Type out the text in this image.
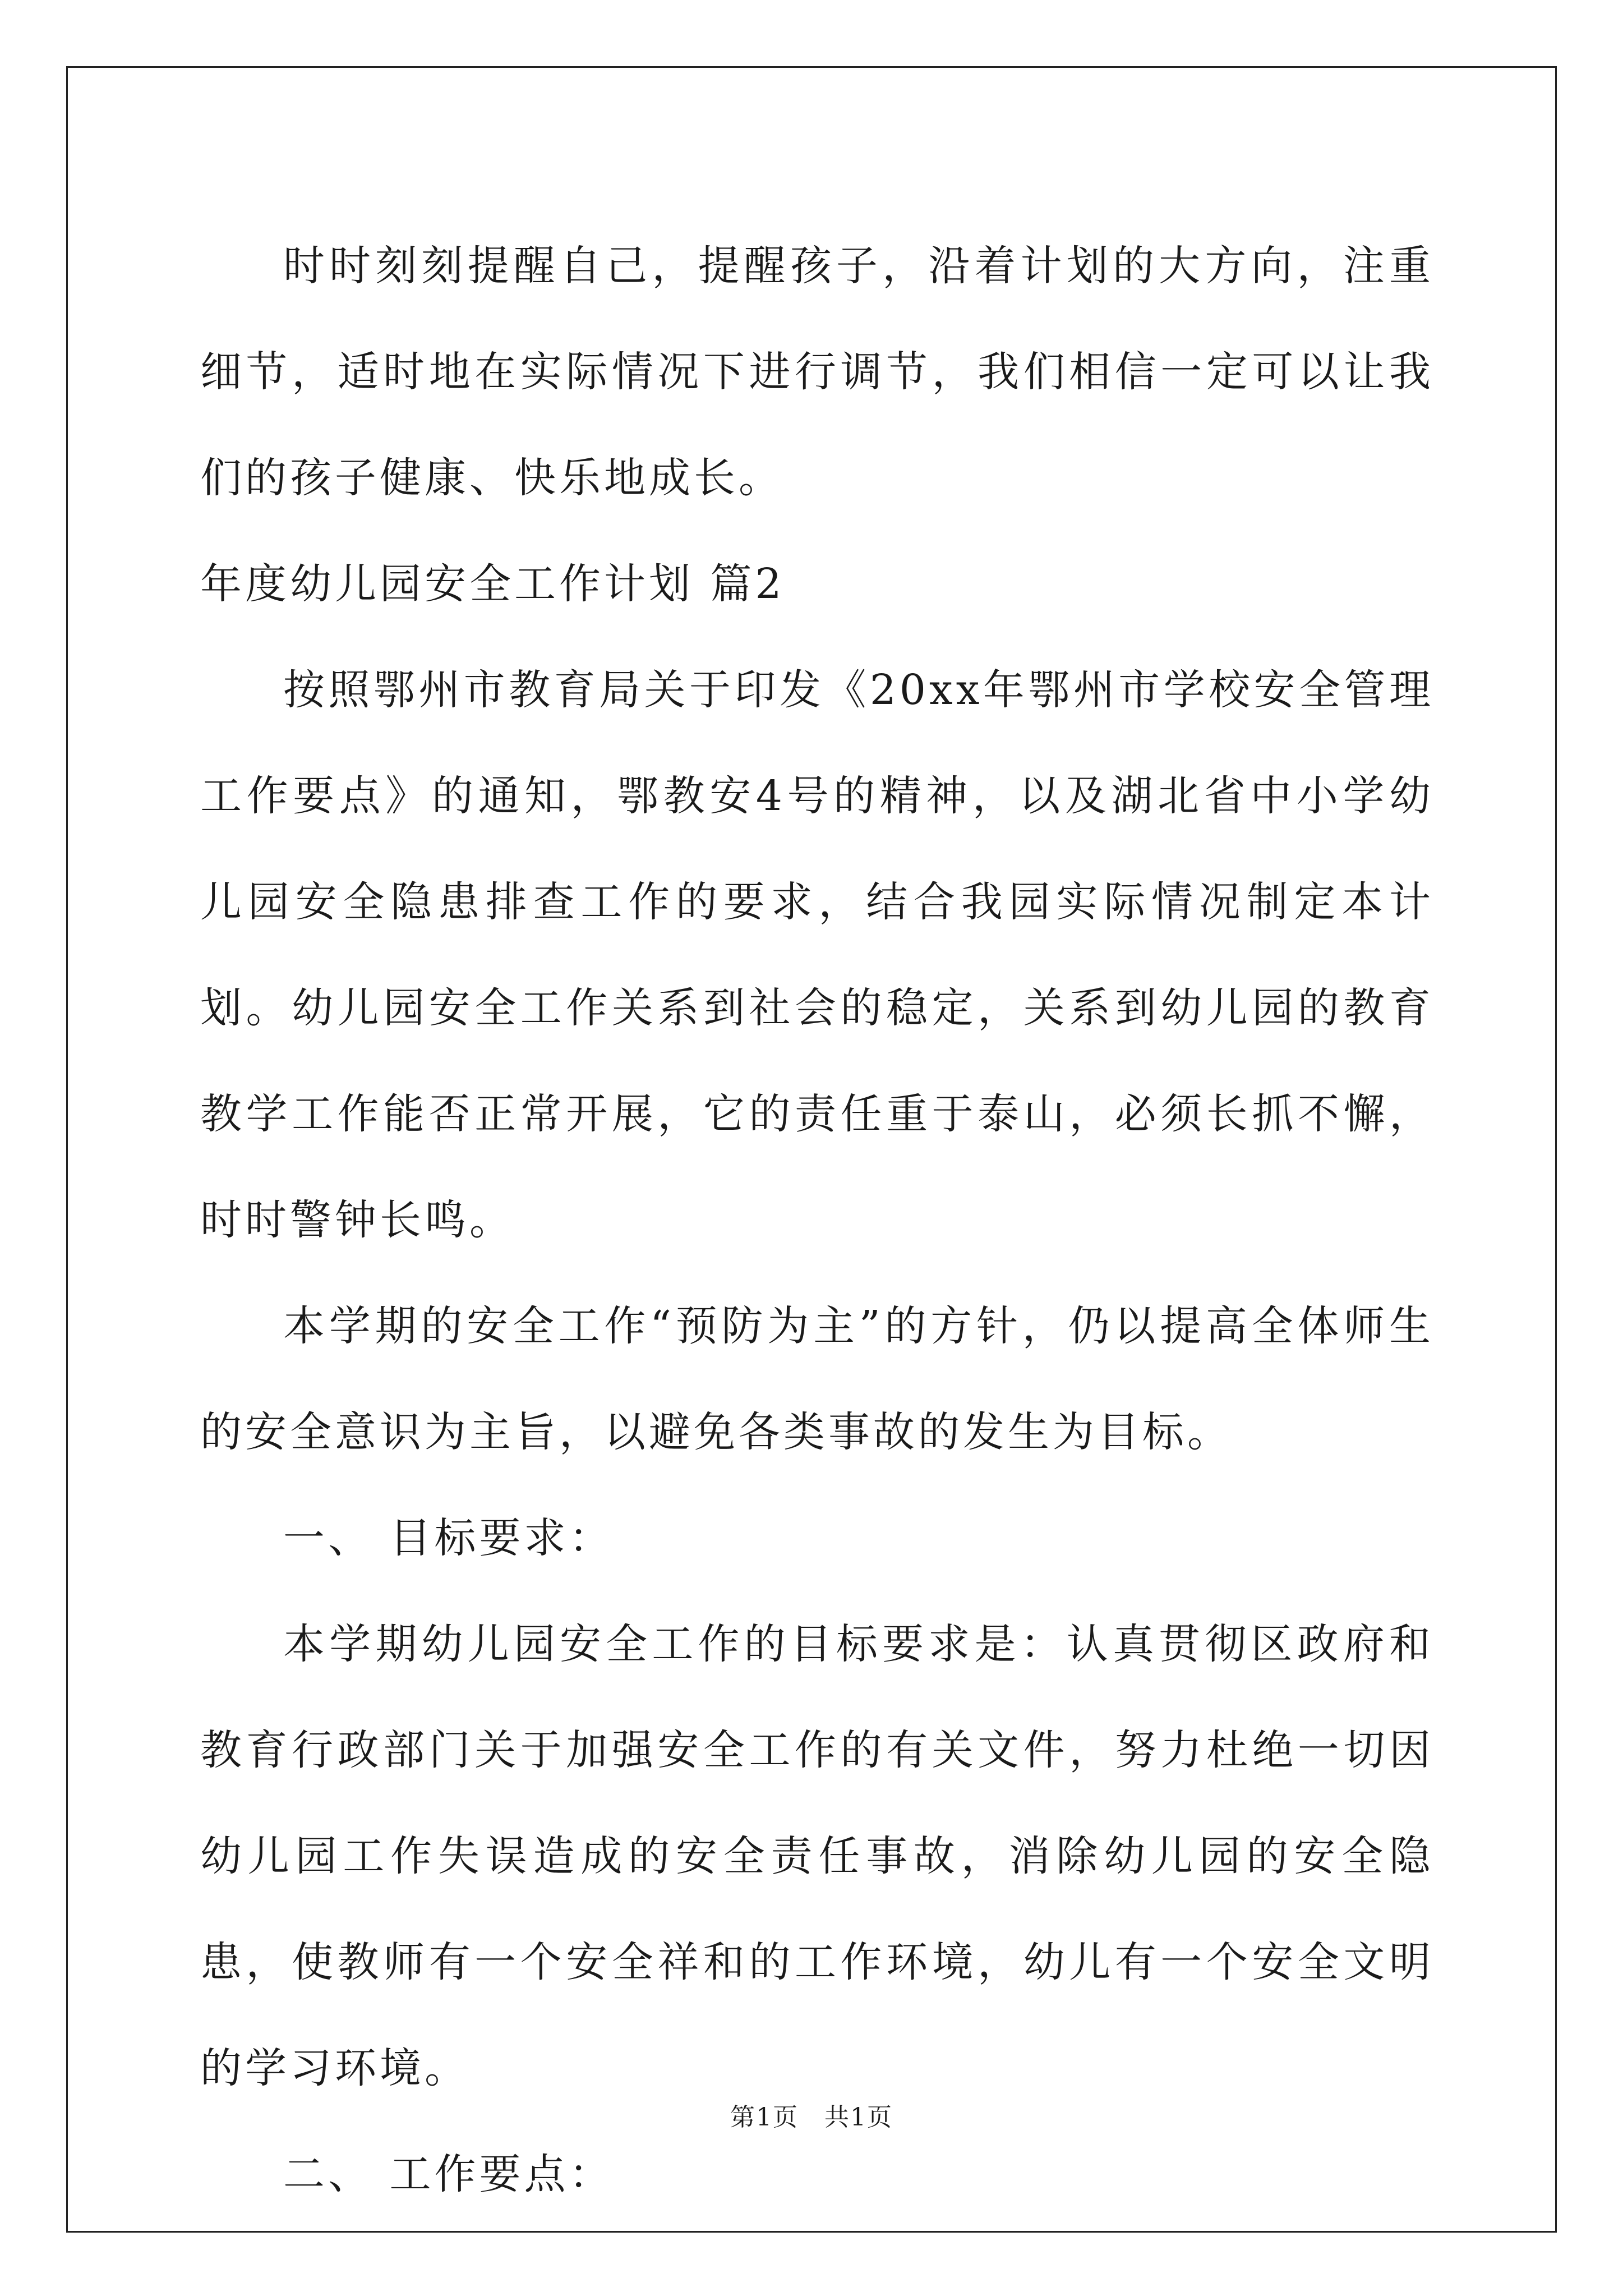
时时刻刻提醒自己，提醒孩子，沿着计划的大方向，注重细节，适时地在实际情况下进行调节，我们相信一定可以让我们的孩子健康、快乐地成长。

年度幼儿园安全工作计划 篇2

按照鄂州市教育局关于印发《20xx年鄂州市学校安全管理工作要点》的通知，鄂教安4号的精神，以及湖北省中小学幼儿园安全隐患排查工作的要求，结合我园实际情况制定本计划。幼儿园安全工作关系到社会的稳定，关系到幼儿园的教育教学工作能否正常开展，它的责任重于泰山，必须长抓不懈，时时警钟长鸣。

本学期的安全工作“预防为主”的方针，仍以提高全体师生的安全意识为主旨，以避免各类事故的发生为目标。

一、 目标要求：

本学期幼儿园安全工作的目标要求是：认真贯彻区政府和教育行政部门关于加强安全工作的有关文件，努力杜绝一切因幼儿园工作失误造成的安全责任事故，消除幼儿园的安全隐患，使教师有一个安全祥和的工作环境，幼儿有一个安全文明的学习环境。

二、 工作要点：

第1页　共1页
